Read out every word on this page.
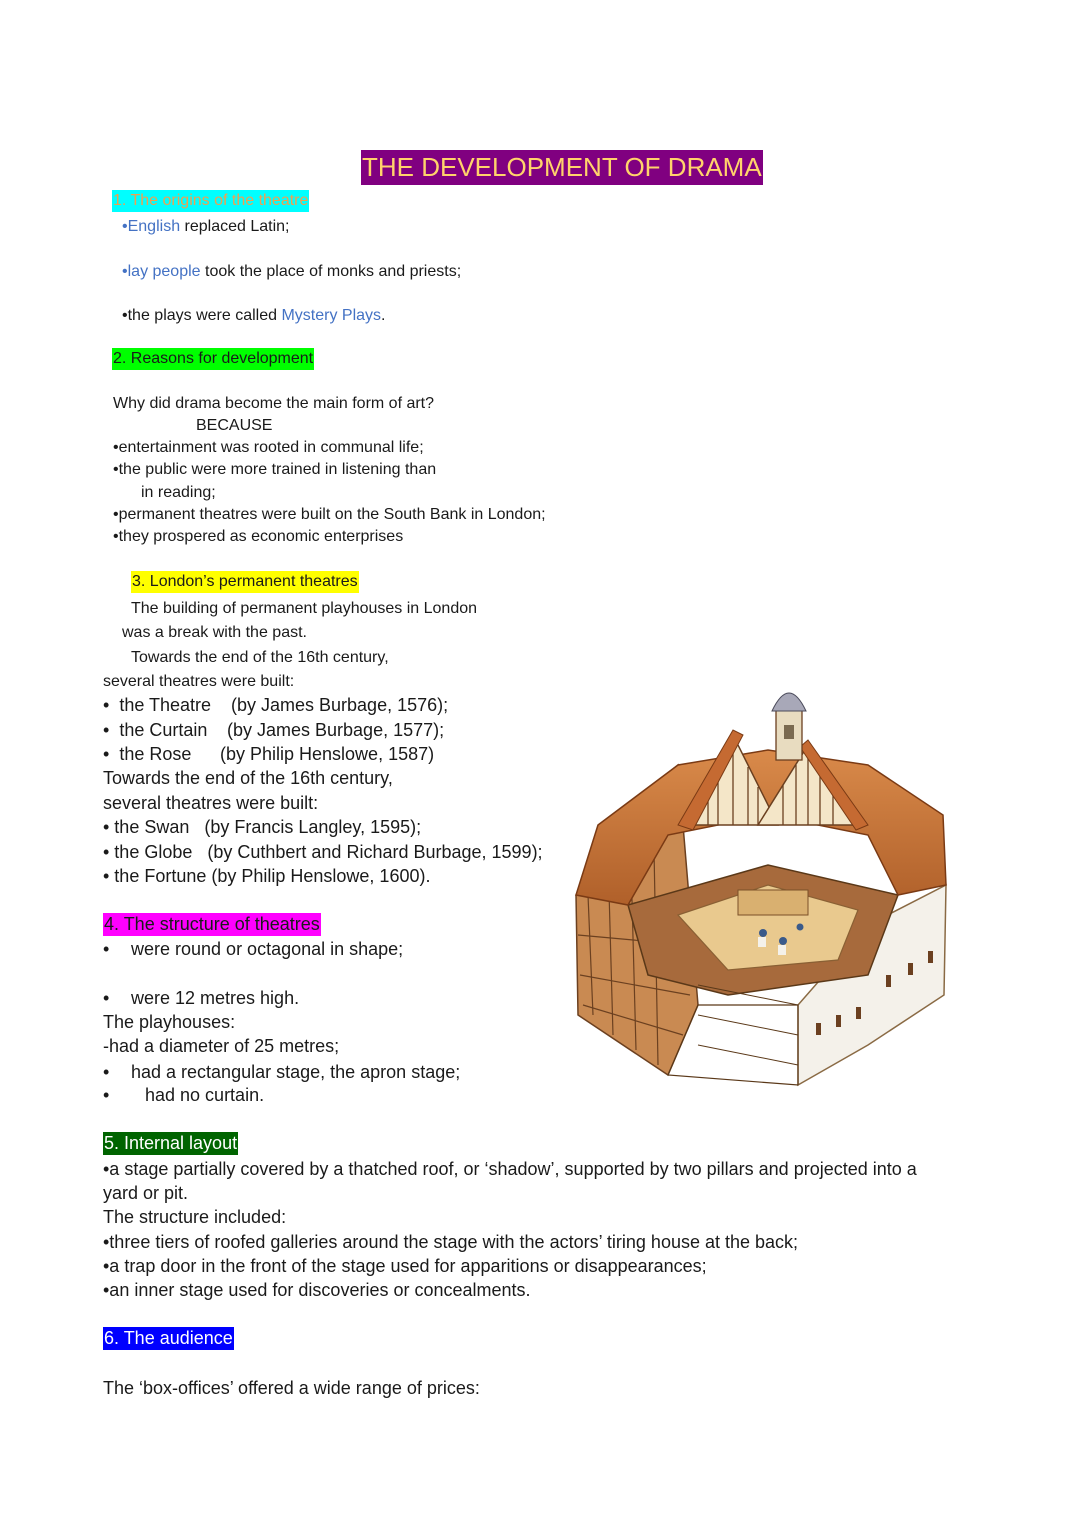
THE DEVELOPMENT OF DRAMA
1. The origins of the theatre
•English replaced Latin;
•lay people took the place of monks and priests;
•the plays were called Mystery Plays.
2. Reasons for development
Why did drama become the main form of art?
BECAUSE
•entertainment was rooted in communal life;
•the public were more trained in listening than
in reading;
•permanent theatres were built on the South Bank in London;
•they prospered as economic enterprises
3. London’s permanent theatres
The building of permanent playhouses in London
was a break with the past.
Towards the end of the 16th century,
several theatres were built:
•  the Theatre (by James Burbage, 1576);
•  the Curtain (by James Burbage, 1577);
•  the Rose (by Philip Henslowe, 1587)
Towards the end of the 16th century,
several theatres were built:
• the Swan   (by Francis Langley, 1595);
• the Globe   (by Cuthbert and Richard Burbage, 1599);
• the Fortune (by Philip Henslowe, 1600).
4. The structure of theatres
• were round or octagonal in shape;
• were 12 metres high.
The playhouses:
-had a diameter of 25 metres;
• had a rectangular stage, the apron stage;
• had no curtain.
5. Internal layout
•a stage partially covered by a thatched roof, or ‘shadow’, supported by two pillars and projected into a
yard or pit.
The structure included:
•three tiers of roofed galleries around the stage with the actors’ tiring house at the back;
•a trap door in the front of the stage used for apparitions or disappearances;
•an inner stage used for discoveries or concealments.
6. The audience
The ‘box-offices’ offered a wide range of prices:
